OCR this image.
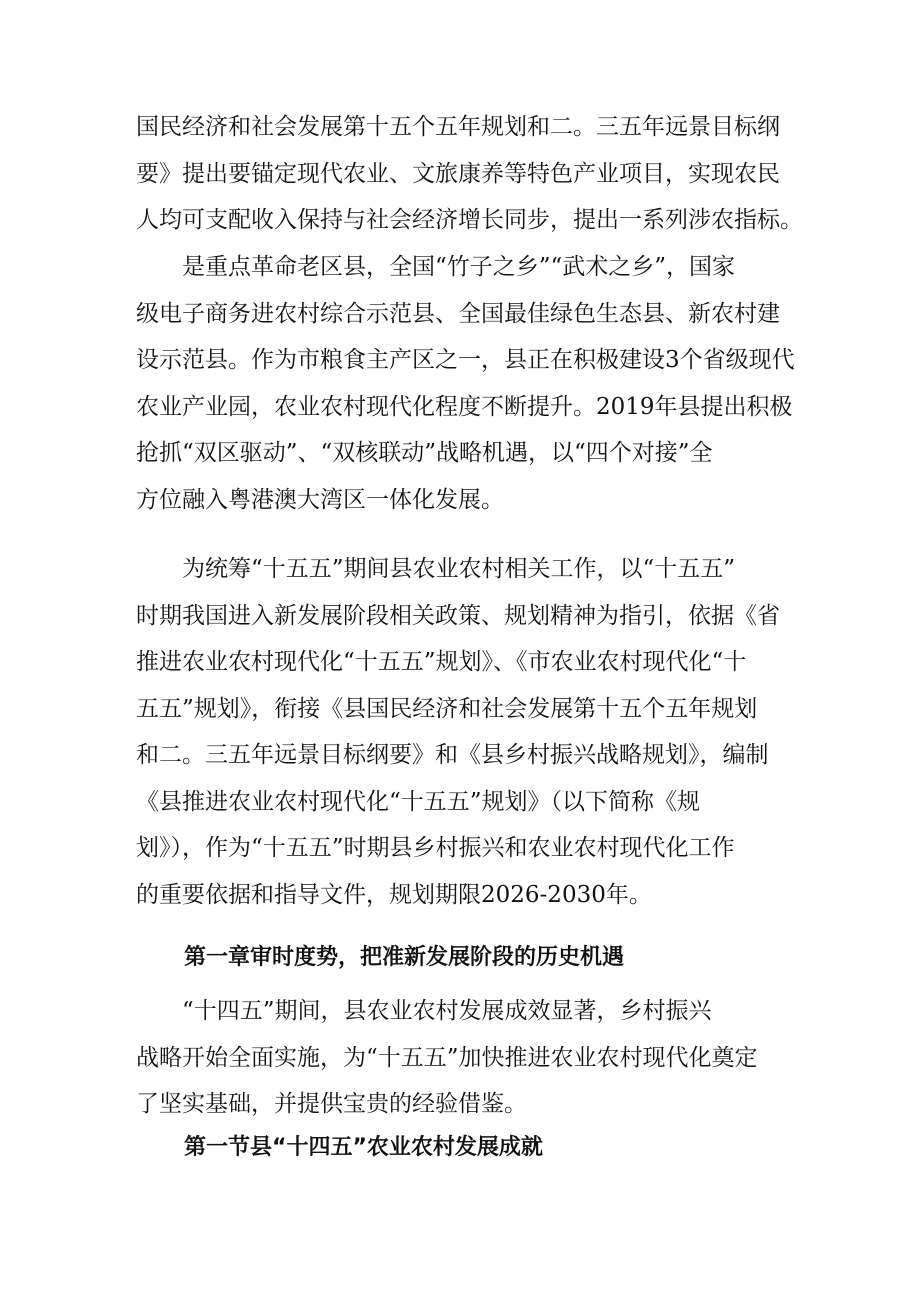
国民经济和社会发展第十五个五年规划和二。三五年远景目标纲
要》提出要锚定现代农业、文旅康养等特色产业项目，实现农民
人均可支配收入保持与社会经济增长同步，提出一系列涉农指标。
　　是重点革命老区县，全国“竹子之乡”“武术之乡”，国家
级电子商务进农村综合示范县、全国最佳绿色生态县、新农村建
设示范县。作为市粮食主产区之一，县正在积极建设3个省级现代
农业产业园，农业农村现代化程度不断提升。2019年县提出积极
抢抓“双区驱动”、“双核联动”战略机遇，以“四个对接”全
方位融入粤港澳大湾区一体化发展。
　　为统筹“十五五”期间县农业农村相关工作，以“十五五”
时期我国进入新发展阶段相关政策、规划精神为指引，依据《省
推进农业农村现代化“十五五”规划》、《市农业农村现代化“十
五五”规划》，衔接《县国民经济和社会发展第十五个五年规划
和二。三五年远景目标纲要》和《县乡村振兴战略规划》，编制
《县推进农业农村现代化“十五五”规划》（以下简称《规
划》），作为“十五五”时期县乡村振兴和农业农村现代化工作
的重要依据和指导文件，规划期限2026-2030年。
第一章审时度势，把准新发展阶段的历史机遇
　　“十四五”期间，县农业农村发展成效显著，乡村振兴
战略开始全面实施，为“十五五”加快推进农业农村现代化奠定
了坚实基础，并提供宝贵的经验借鉴。
第一节县“十四五”农业农村发展成就
